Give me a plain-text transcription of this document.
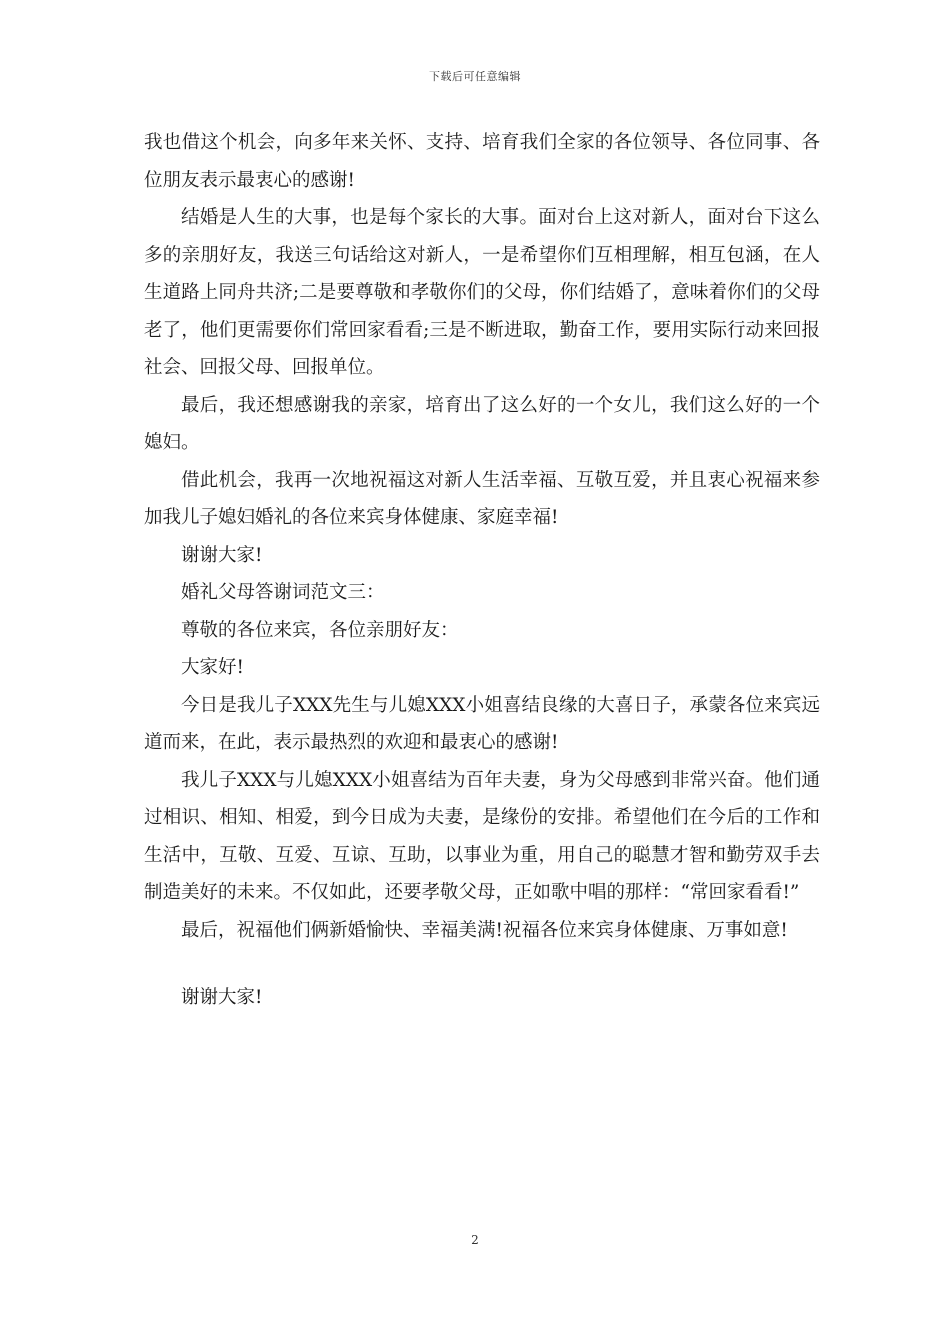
下载后可任意编辑

我也借这个机会，向多年来关怀、支持、培育我们全家的各位领导、各位同事、各位朋友表示最衷心的感谢!

结婚是人生的大事，也是每个家长的大事。面对台上这对新人，面对台下这么多的亲朋好友，我送三句话给这对新人，一是希望你们互相理解，相互包涵，在人生道路上同舟共济;二是要尊敬和孝敬你们的父母，你们结婚了，意味着你们的父母老了，他们更需要你们常回家看看;三是不断进取，勤奋工作，要用实际行动来回报社会、回报父母、回报单位。

最后，我还想感谢我的亲家，培育出了这么好的一个女儿，我们这么好的一个媳妇。

借此机会，我再一次地祝福这对新人生活幸福、互敬互爱，并且衷心祝福来参加我儿子媳妇婚礼的各位来宾身体健康、家庭幸福!

谢谢大家!

婚礼父母答谢词范文三：

尊敬的各位来宾，各位亲朋好友：

大家好!

今日是我儿子XXX先生与儿媳XXX小姐喜结良缘的大喜日子，承蒙各位来宾远道而来，在此，表示最热烈的欢迎和最衷心的感谢!

我儿子XXX与儿媳XXX小姐喜结为百年夫妻，身为父母感到非常兴奋。他们通过相识、相知、相爱，到今日成为夫妻，是缘份的安排。希望他们在今后的工作和生活中，互敬、互爱、互谅、互助，以事业为重，用自己的聪慧才智和勤劳双手去制造美好的未来。不仅如此，还要孝敬父母，正如歌中唱的那样：“常回家看看!”

最后，祝福他们俩新婚愉快、幸福美满!祝福各位来宾身体健康、万事如意!

谢谢大家!

2
